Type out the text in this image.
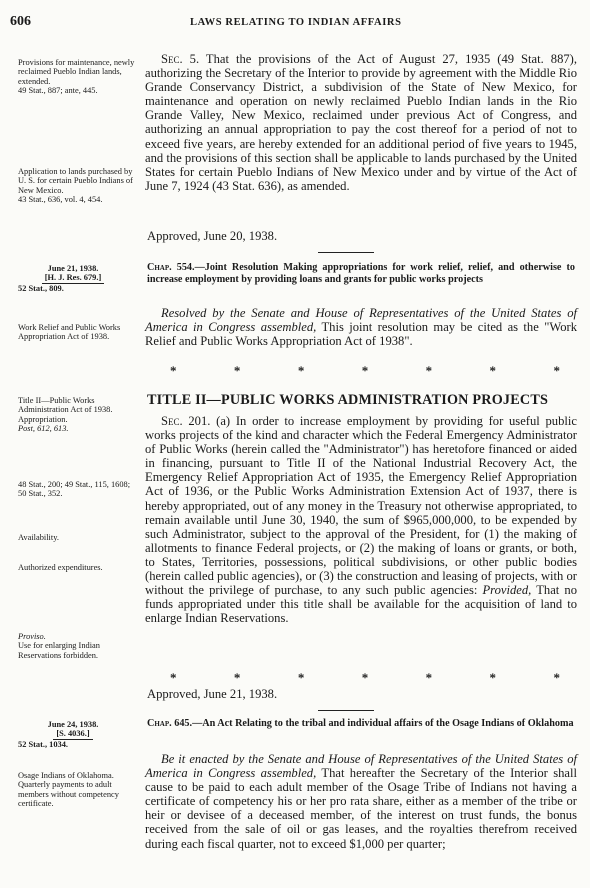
606	LAWS RELATING TO INDIAN AFFAIRS

Sec. 5. That the provisions of the Act of August 27, 1935 (49 Stat. 887), authorizing the Secretary of the Interior to provide by agreement with the Middle Rio Grande Conservancy District, a subdivision of the State of New Mexico, for maintenance and operation on newly reclaimed Pueblo Indian lands in the Rio Grande Valley, New Mexico, reclaimed under previous Act of Congress, and authorizing an annual appropriation to pay the cost thereof for a period of not to exceed five years, are hereby extended for an additional period of five years to 1945, and the provisions of this section shall be applicable to lands purchased by the United States for certain Pueblo Indians of New Mexico under and by virtue of the Act of June 7, 1924 (43 Stat. 636), as amended.

Approved, June 20, 1938.

Chap. 554.—Joint Resolution Making appropriations for work relief, relief, and otherwise to increase employment by providing loans and grants for public works projects

Resolved by the Senate and House of Representatives of the United States of America in Congress assembled, This joint resolution may be cited as the "Work Relief and Public Works Appropriation Act of 1938".

*	*	*	*	*	*	*
TITLE II—PUBLIC WORKS ADMINISTRATION PROJECTS

Sec. 201. (a) In order to increase employment by providing for useful public works projects of the kind and character which the Federal Emergency Administrator of Public Works (herein called the "Administrator") has heretofore financed or aided in financing, pursuant to Title II of the National Industrial Recovery Act, the Emergency Relief Appropriation Act of 1935, the Emergency Relief Appropriation Act of 1936, or the Public Works Administration Extension Act of 1937, there is hereby appropriated, out of any money in the Treasury not otherwise appropriated, to remain available until June 30, 1940, the sum of $965,000,000, to be expended by such Administrator, subject to the approval of the President, for (1) the making of allotments to finance Federal projects, or (2) the making of loans or grants, or both, to States, Territories, possessions, political subdivisions, or other public bodies (herein called public agencies), or (3) the construction and leasing of projects, with or without the privilege of purchase, to any such public agencies: Provided, That no funds appropriated under this title shall be available for the acquisition of land to enlarge Indian Reservations.

*	*	*	*	*	*	*
Approved, June 21, 1938.

Chap. 645.—An Act Relating to the tribal and individual affairs of the Osage Indians of Oklahoma

Be it enacted by the Senate and House of Representatives of the United States of America in Congress assembled, That hereafter the Secretary of the Interior shall cause to be paid to each adult member of the Osage Tribe of Indians not having a certificate of competency his or her pro rata share, either as a member of the tribe or heir or devisee of a deceased member, of the interest on trust funds, the bonus received from the sale of oil or gas leases, and the royalties therefrom received during each fiscal quarter, not to exceed $1,000 per quarter;

Provisions for maintenance, newly reclaimed Pueblo Indian lands, extended.
49 Stat., 887; ante, 445.

Application to lands purchased by U. S. for certain Pueblo Indians of New Mexico.
43 Stat., 636, vol. 4, 454.

June 21, 1938.
[H. J. Res. 679.]
52 Stat., 809.

Work Relief and Public Works Appropriation Act of 1938.

Title II—Public Works Administration Act of 1938.
Appropriation.
Post, 612, 613.

48 Stat., 200; 49 Stat., 115, 1608; 50 Stat., 352.

Availability.

Authorized expenditures.

Proviso.
Use for enlarging Indian Reservations forbidden.

June 24, 1938.
[S. 4036.]
52 Stat., 1034.

Osage Indians of Oklahoma.
Quarterly payments to adult members without competency certificate.
